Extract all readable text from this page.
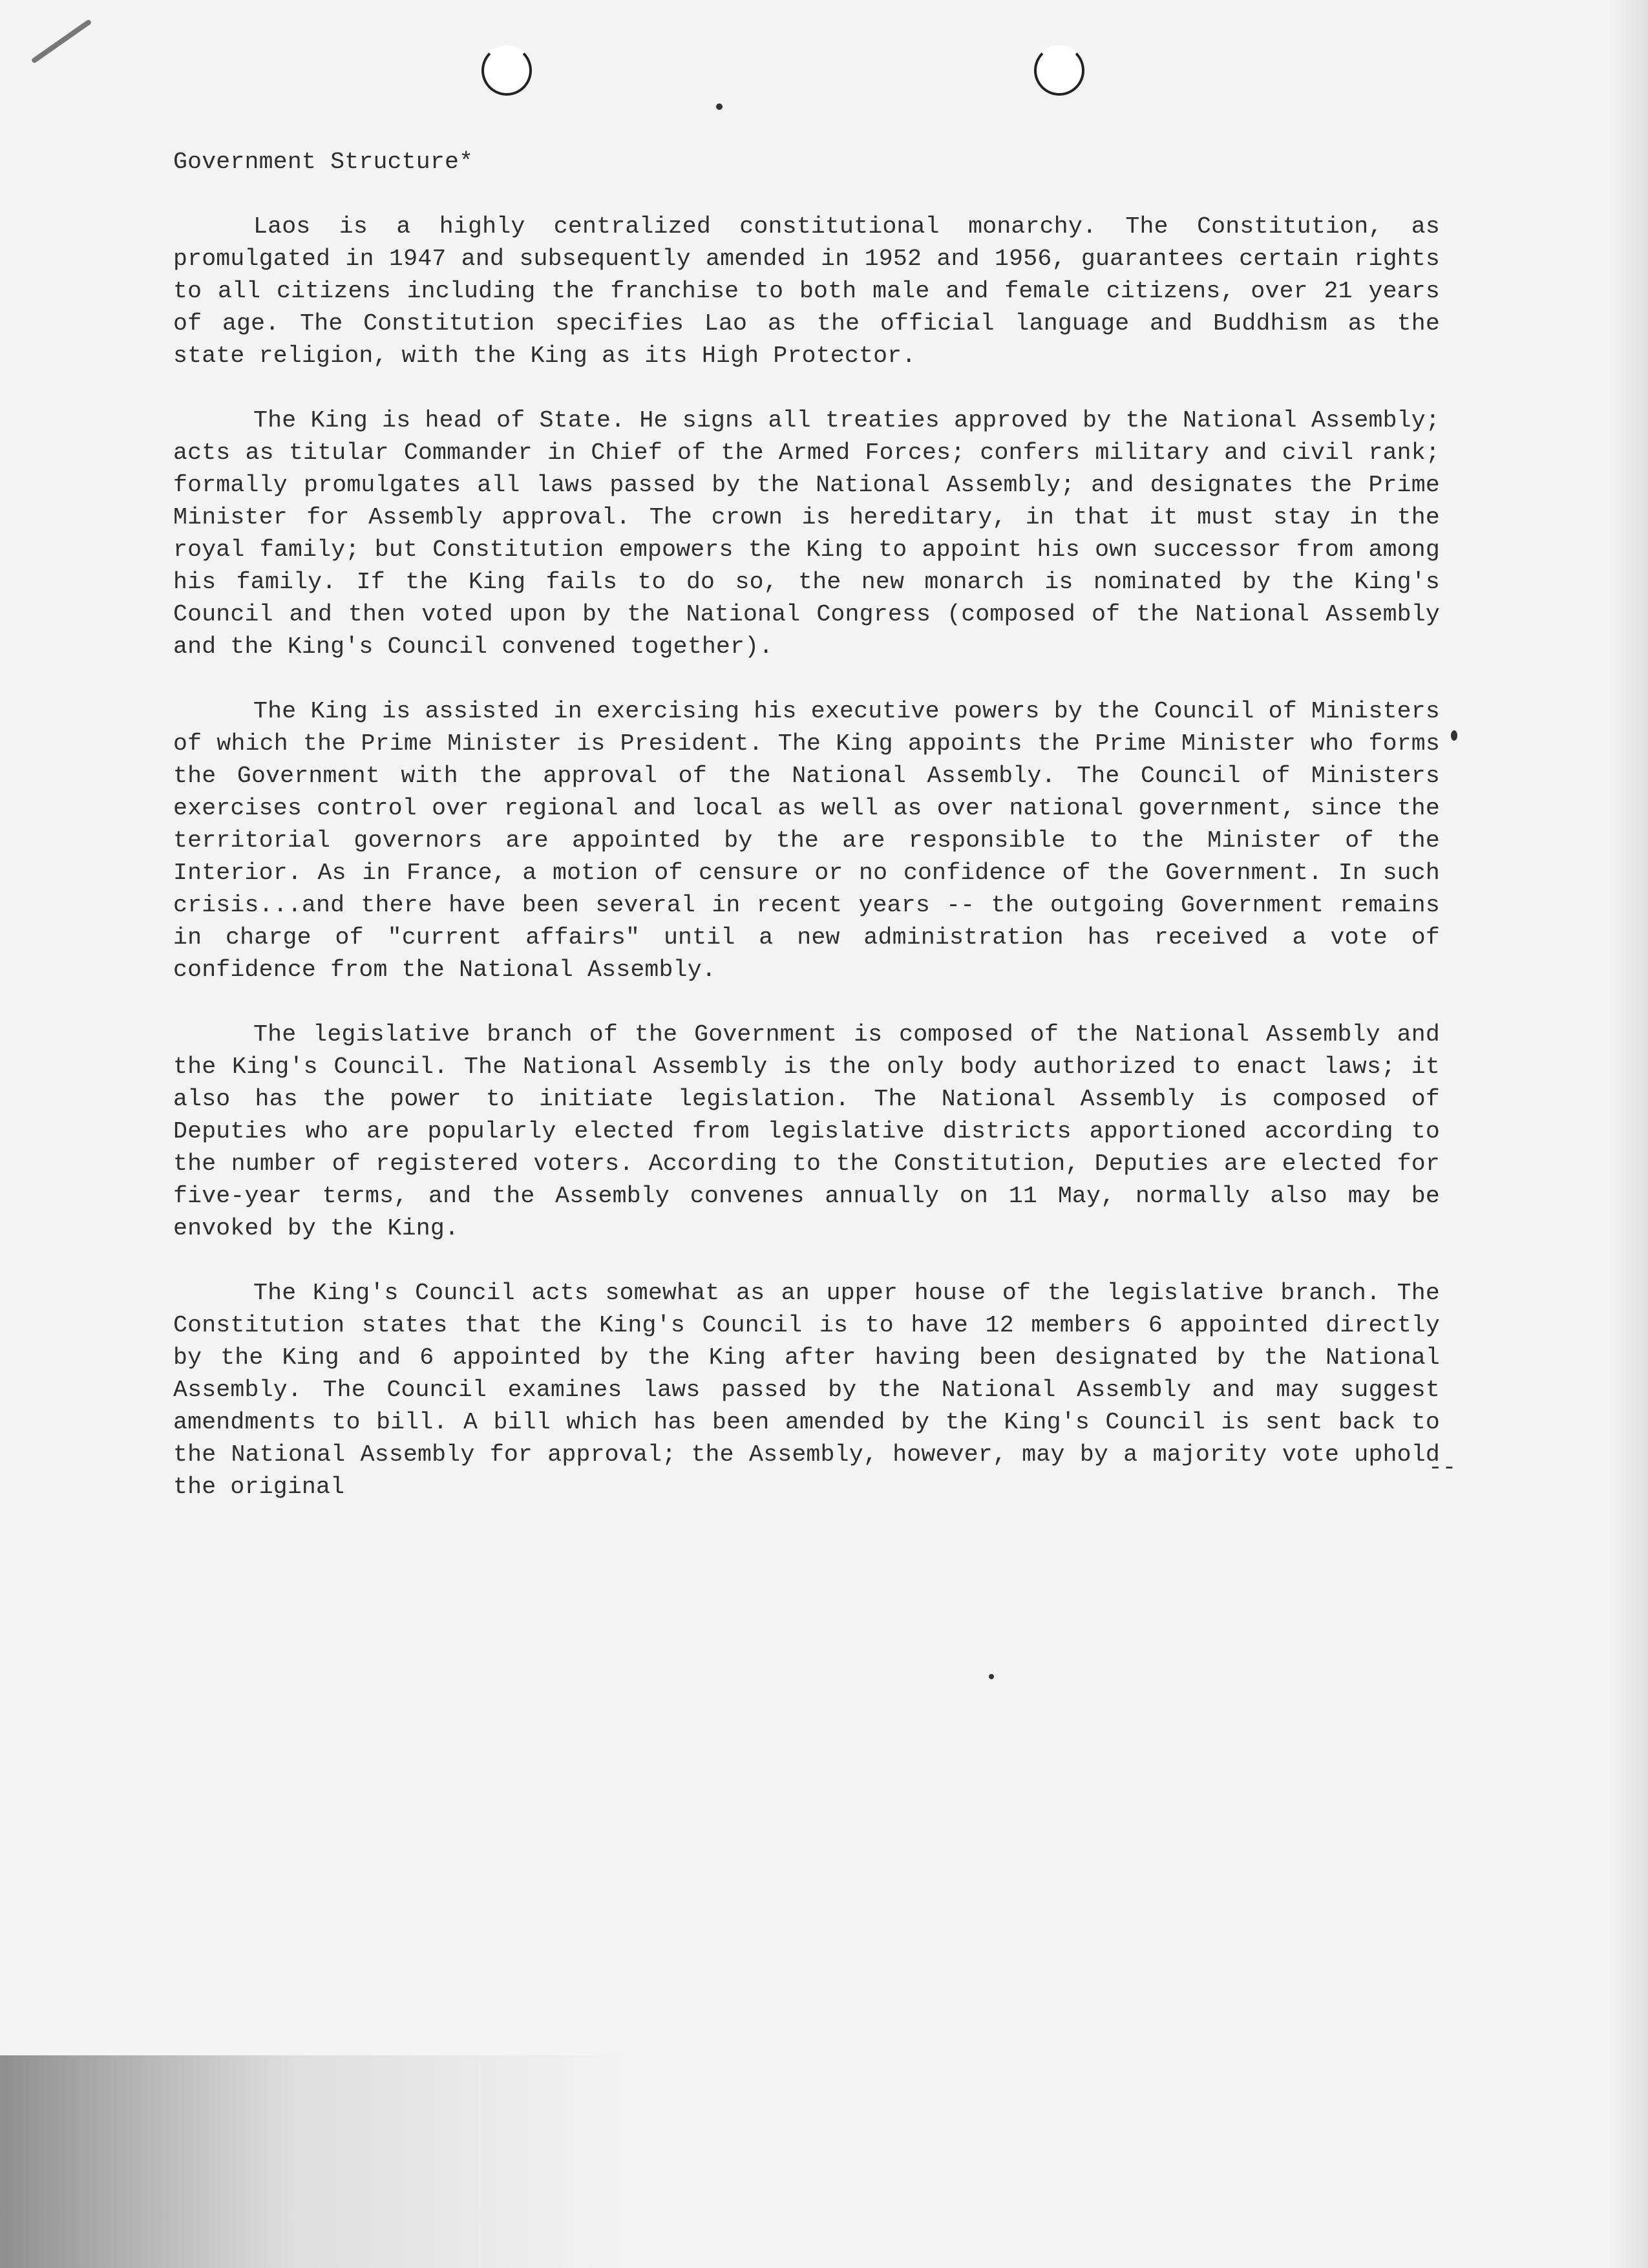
Government Structure*

Laos is a highly centralized constitutional monarchy. The Constitution, as promulgated in 1947 and subsequently amended in 1952 and 1956, guarantees certain rights to all citizens including the franchise to both male and female citizens, over 21 years of age. The Constitution specifies Lao as the official language and Buddhism as the state religion, with the King as its High Protector.

The King is head of State. He signs all treaties approved by the National Assembly; acts as titular Commander in Chief of the Armed Forces; confers military and civil rank; formally promulgates all laws passed by the National Assembly; and designates the Prime Minister for Assembly approval. The crown is hereditary, in that it must stay in the royal family; but Constitution empowers the King to appoint his own successor from among his family. If the King fails to do so, the new monarch is nominated by the King's Council and then voted upon by the National Congress (composed of the National Assembly and the King's Council convened together).

The King is assisted in exercising his executive powers by the Council of Ministers of which the Prime Minister is President. The King appoints the Prime Minister who forms the Government with the approval of the National Assembly. The Council of Ministers exercises control over regional and local as well as over national government, since the territorial governors are appointed by the are responsible to the Minister of the Interior. As in France, a motion of censure or no confidence of the Government. In such crisis...and there have been several in recent years -- the outgoing Government remains in charge of "current affairs" until a new administration has received a vote of confidence from the National Assembly.

The legislative branch of the Government is composed of the National Assembly and the King's Council. The National Assembly is the only body authorized to enact laws; it also has the power to initiate legislation. The National Assembly is composed of Deputies who are popularly elected from legislative districts apportioned according to the number of registered voters. According to the Constitution, Deputies are elected for five-year terms, and the Assembly convenes annually on 11 May, normally also may be envoked by the King.

The King's Council acts somewhat as an upper house of the legislative branch. The Constitution states that the King's Council is to have 12 members 6 appointed directly by the King and 6 appointed by the King after having been designated by the National Assembly. The Council examines laws passed by the National Assembly and may suggest amendments to bill. A bill which has been amended by the King's Council is sent back to the National Assembly for approval; the Assembly, however, may by a majority vote uphold the original

--
